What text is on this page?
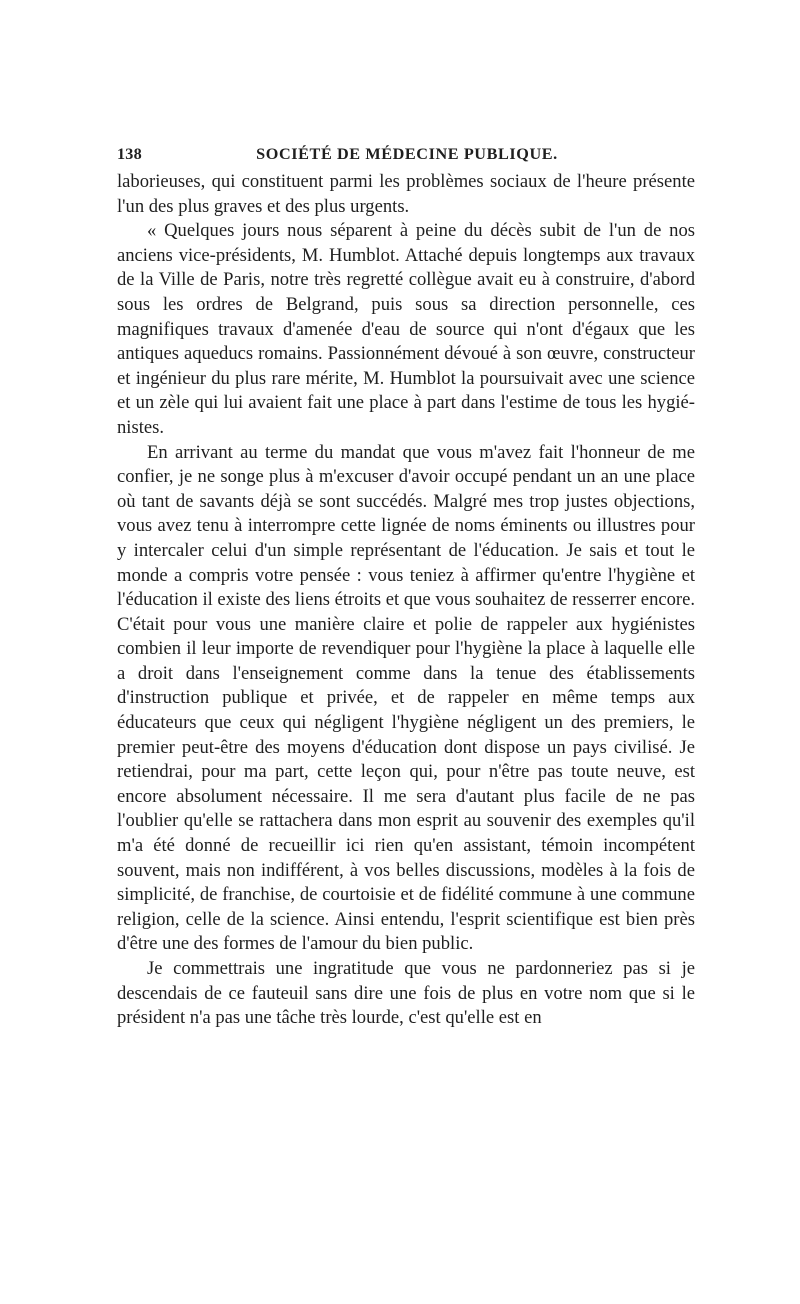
138	SOCIÉTÉ DE MÉDECINE PUBLIQUE.

laborieuses, qui constituent parmi les problèmes sociaux de l'heure présente l'un des plus graves et des plus urgents.

« Quelques jours nous séparent à peine du décès subit de l'un de nos anciens vice-présidents, M. Humblot. Attaché depuis longtemps aux travaux de la Ville de Paris, notre très regretté collègue avait eu à construire, d'abord sous les ordres de Belgrand, puis sous sa direction personnelle, ces magnifiques travaux d'amenée d'eau de source qui n'ont d'égaux que les antiques aqueducs romains. Passionnément dévoué à son œuvre, constructeur et ingénieur du plus rare mérite, M. Humblot la poursuivait avec une science et un zèle qui lui avaient fait une place à part dans l'estime de tous les hygiénistes.

En arrivant au terme du mandat que vous m'avez fait l'honneur de me confier, je ne songe plus à m'excuser d'avoir occupé pendant un an une place où tant de savants déjà se sont succédés. Malgré mes trop justes objections, vous avez tenu à interrompre cette lignée de noms éminents ou illustres pour y intercaler celui d'un simple représentant de l'éducation. Je sais et tout le monde a compris votre pensée : vous teniez à affirmer qu'entre l'hygiène et l'éducation il existe des liens étroits et que vous souhaitez de resserrer encore. C'était pour vous une manière claire et polie de rappeler aux hygiénistes combien il leur importe de revendiquer pour l'hygiène la place à laquelle elle a droit dans l'enseignement comme dans la tenue des établissements d'instruction publique et privée, et de rappeler en même temps aux éducateurs que ceux qui négligent l'hygiène négligent un des premiers, le premier peut-être des moyens d'éducation dont dispose un pays civilisé. Je retiendrai, pour ma part, cette leçon qui, pour n'être pas toute neuve, est encore absolument nécessaire. Il me sera d'autant plus facile de ne pas l'oublier qu'elle se rattachera dans mon esprit au souvenir des exemples qu'il m'a été donné de recueillir ici rien qu'en assistant, témoin incompétent souvent, mais non indifférent, à vos belles discussions, modèles à la fois de simplicité, de franchise, de courtoisie et de fidélité commune à une commune religion, celle de la science. Ainsi entendu, l'esprit scientifique est bien près d'être une des formes de l'amour du bien public.

Je commettrais une ingratitude que vous ne pardonneriez pas si je descendais de ce fauteuil sans dire une fois de plus en votre nom que si le président n'a pas une tâche très lourde, c'est qu'elle est en
